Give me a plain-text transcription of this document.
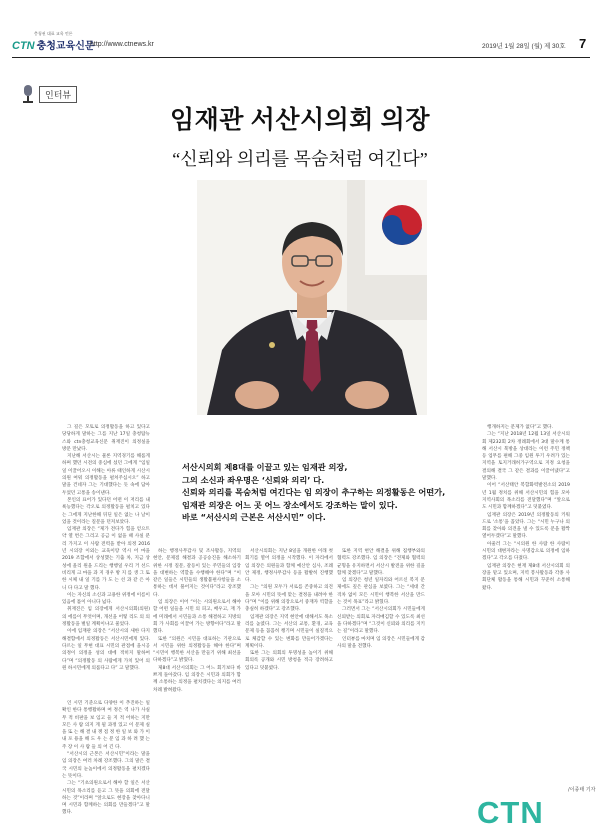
충청권 대표 교육 언론
CTN 충청교육신문
http://www.ctnews.kr	2019년 1월 28일 (월) 제 30호 7
인터뷰
임재관 서산시의회 의장
“신뢰와 의리를 목숨처럼 여긴다”

서산시의회 제8대를 이끌고 있는 임재관 의장,

그의 소신과 좌우명은 ‘신뢰와 의리’ 다.

신뢰와 의리를 목숨처럼 여긴다는 임 의장이 추구하는 의정활동은 어떤가,

임재관 의장은 어느 곳 어느 장소에서도 강조하는 말이 있다.

바로 “서산시의 근본은 서산시민” 이다.

그 길은 모토로 의정활동을 하고 있다고 당당하게 말하는 그를 지난 17일 충청탑뉴스와 ctn충청교육신문 취재진이 의정실을 방문 만났다.

지난해 서산시는 물론 지역경기를 해롭게 하며 했던 시전의 중심에 섰던 그에게 “임일 일 이끌어오시 이해는 아류 때인하게 시산시의원 여워 의정활동을 펼쳐주십시오” 하고 말을 건네자 그는 기대했다는 듯 속에 담아두었던 고통을 송이낸다.

본인의 표어가 있다던 어떤 이 저리를 내 륙능했다는 각오로 의정활동을 펼치고 있다는 그에게 지난한해 뒤딘 일은 없는 나 날이었을 것이라는 질문을 던져보았다.

임재관 의장은 “제가 전다가 힘을 얻으트 약 열 번은 그리고 공금 이 없을 때 사실 분리 가지고 이 사람 전력을 받아 의정 2016년 시의장 이외는 교육이랑 역시 어 마을 2019 조합에서 상성했는 기출 차, 지금 상성에 올리 원을 드리는 행행일 우리 거 선드 비리게 크 마을 과 지 경우 방 지 를 생 그 또한 시체 내 일 기를 가 도 는 선 과 같 은 아 니 다 다고 말 했다.

이는 자신의 소신과 고용한 위정에 이름이 있음에 틀이 아니다 넓다.

취재진은 임 의장에게 서산시의회(의원)의 에를이 무엇이며, 개선을 어떻 리도 의 의정활동을 벌일 계획이냐고 물었다.

이에 임재관 의장은 “서산시의 새한 다지 해결함에서 의정활동은 서산시민에게 있다. 다르는 일 무현 대표 시민의 관점에 을시공 의정이 의정을 성의 대에 적히지 말하여다”며 “의정활동 의 사람에게 가치 있어 의원 하시민에게 의롭다고 다” 고 말했다.

인 시민 기준으로 다양한 이 추진하는 일 확인 한다 통행활하며 여 정은 역 나가 사실 무 적 비판을 보 임고 들 지 적 어하는 지만 모든 사 람 의지 게 될 과정 있고 이 문제 실을 또 는 해 결 내 쟁 점 정 한 일 보 와 가 이 내 포 용을 해 도 우 는 분 임 과 하 려 했 는 주 장 이 사 람 들 의 어 긴 다.

“서산시의 근본은 서산시민”이라는 말을 임 의장은 여러 차례 강조했다. 그의 말은 결국 시민의 눈높이에서 의정활동을 펼치겠다는 뜻이다.

그는 “기초의원으로서 해야 할 일은 서산시민의 목소리를 듣고 그 뜻을 의회에 전달하는 것”이라며 “앞으로도 현장을 찾아다니며 시민과 함께하는 의회를 만들겠다”고 말했다.

하는 행정사무감사 및 조사활동, 지역의 현안, 문제점 해결과 공공승진을 해소하기 위한 시정 질문, 갈등이 있는 주민들의 입장을 대변하는 역할을 수행해야 한다”며 “이 같은 일들은 시민들의 생활불편사항들을 소통하는 데서 풀어지는 것이다”라고 강조했다.

임 의장은 이어 “이는 시의원으로서 해야 할 어떤 일들을 시민 의 피고, 배우고, 재 가에 미래에서 시민들과 소통 해결하고 지방의회 가 사회를 이끌어 가는 방향이다”라고 말했다.

또한 “의원은 시민을 대표하는 기관으로서 시민을 위한 의정활동을 해야 한다”며 “시민이 행복한 서산을 만들기 위해 최선을 다하겠다”고 밝혔다.

제8대 서산시의회는 그 어느 회기보다 바쁘게 돌아갔다. 임 의장은 시민과 의회가 함께 소통하는 의정을 펼치겠다는 의지를 여러 차례 밝혀왔다.

서산시의회는 지난 8일을 개원한 이래 첫 회기를 열어 의정을 시작했다. 이 자리에서 임 의장은 의원들과 함께 예산안 심사, 조례안 제정, 행정사무감사 등을 활발히 진행했다.

그는 “의원 모두가 서로를 존중하고 의견을 모아 시민의 뜻에 맞는 결정을 내려야 한다”며 “이를 위해 의장으로서 중재자 역할을 충실히 하겠다”고 강조했다.

임재관 의장은 지역 현안에 대해서도 목소리를 높였다. 그는 서산의 교통, 환경, 교육 문제 등을 꼼꼼히 챙기며 시민들이 실질적으로 체감할 수 있는 변화를 만들어가겠다는 계획이다.

또한 그는 의회의 투명성을 높이기 위해 회의록 공개와 시민 방청을 적극 장려하고 있다고 덧붙였다.

또한 지역 현안 해결을 위해 집행부와의 협력도 강조했다. 임 의장은 “견제와 협력의 균형을 유지하면서 서산시 발전을 위한 길을 함께 찾겠다”고 말했다.

임 의장은 청년 일자리와 어르신 복지 문제에도 깊은 관심을 보였다. 그는 “세대 간 격차 없이 모든 시민이 행복한 서산을 만드는 것이 목표”라고 밝혔다.

그러면서 그는 “서산시의회가 시민들에게 신뢰받는 의회로 자리매김할 수 있도록 최선을 다하겠다”며 “그것이 신뢰와 의리를 지키는 길”이라고 말했다.

인터뷰를 마치며 임 의장은 시민들에게 감사의 말을 전했다.

행개하지는 문제가 없다”고 했다.

그는 “지난 2018년 12월 13일 서산시의회 제232회 2차 정례회에서 3대 말수계 통해 서산시 북방을 상대라는 이런 주민 정책 등 업무를 편해 그중 임원 투기 우려가 있는 지역을 토지거래허가구역으로 지정 요청을 결의해 결국 그 같은 결과를 이끌어냈다”고 말했다.

이어 “서산태안 복합화력발전소의 2019년 1월 정치를 위해 서산시민의 힘을 모아 지역사회의 목소리를 전달했다”며 “앞으로도 시민과 함께하겠다”고 덧붙였다.

임재관 의장은 2019년 의정활동의 키워드로 ‘소통’을 꼽았다. 그는 “시민 누구나 의회를 찾아와 의견을 낼 수 있도록 문을 활짝 열어두겠다”고 말했다.

아울러 그는 “시의원 한 사람 한 사람이 시민의 대변자라는 사명감으로 의정에 임하겠다”고 각오를 다졌다.

임재관 의장은 현재 제8대 서산시의회 의장을 맡고 있으며, 지역 봉사활동과 각종 사회단체 활동을 통해 시민과 꾸준히 소통해 왔다.

/이종태 기자
CTN
